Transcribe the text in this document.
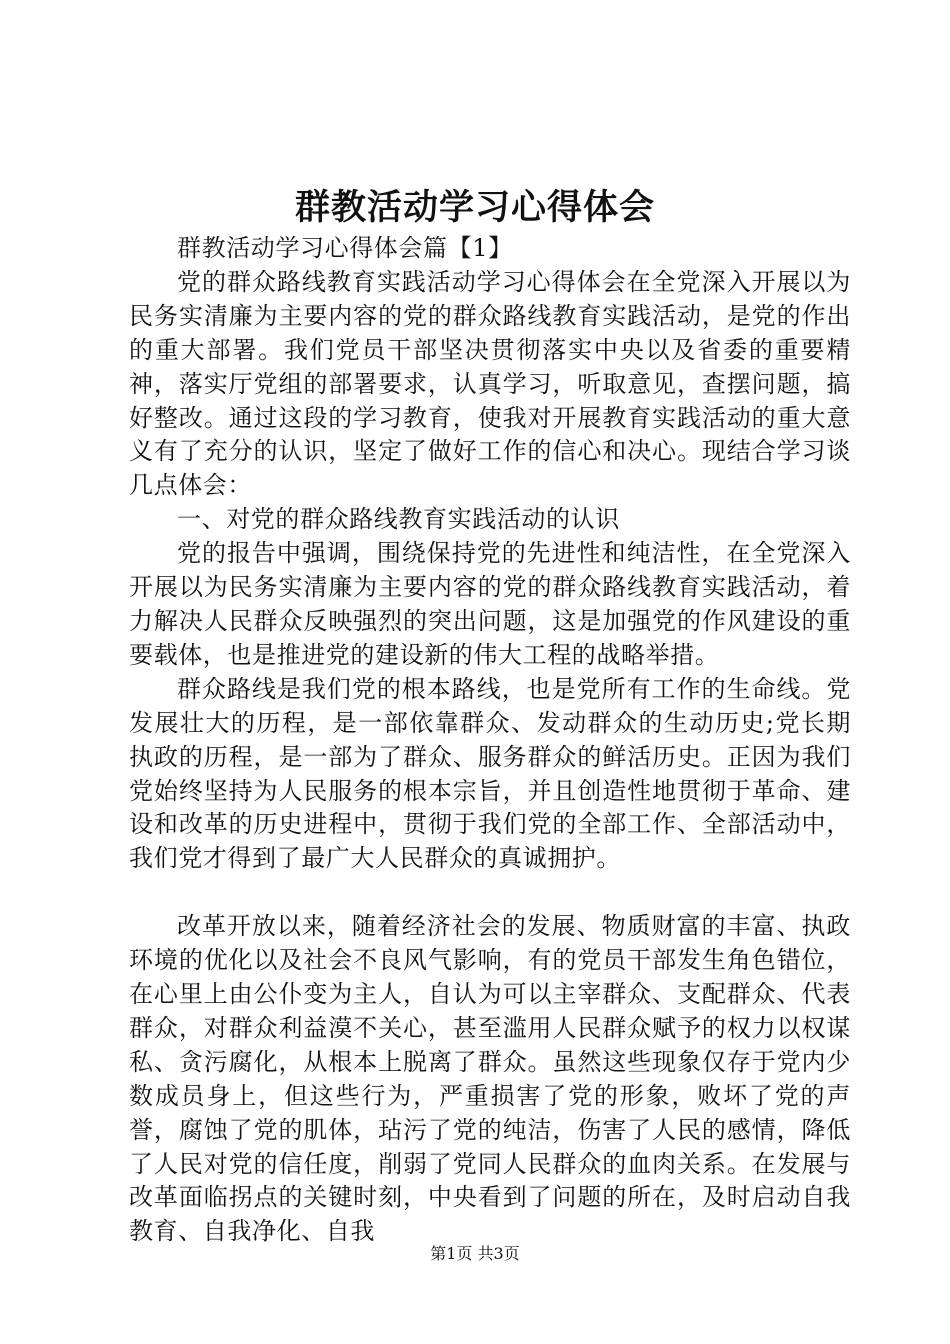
群教活动学习心得体会

群教活动学习心得体会篇【1】

党的群众路线教育实践活动学习心得体会在全党深入开展以为民务实清廉为主要内容的党的群众路线教育实践活动，是党的作出的重大部署。我们党员干部坚决贯彻落实中央以及省委的重要精神，落实厅党组的部署要求，认真学习，听取意见，查摆问题，搞好整改。通过这段的学习教育，使我对开展教育实践活动的重大意义有了充分的认识，坚定了做好工作的信心和决心。现结合学习谈几点体会：

一、对党的群众路线教育实践活动的认识

党的报告中强调，围绕保持党的先进性和纯洁性，在全党深入开展以为民务实清廉为主要内容的党的群众路线教育实践活动，着力解决人民群众反映强烈的突出问题，这是加强党的作风建设的重要载体，也是推进党的建设新的伟大工程的战略举措。

群众路线是我们党的根本路线，也是党所有工作的生命线。党发展壮大的历程，是一部依靠群众、发动群众的生动历史;党长期执政的历程，是一部为了群众、服务群众的鲜活历史。正因为我们党始终坚持为人民服务的根本宗旨，并且创造性地贯彻于革命、建设和改革的历史进程中，贯彻于我们党的全部工作、全部活动中，我们党才得到了最广大人民群众的真诚拥护。

改革开放以来，随着经济社会的发展、物质财富的丰富、执政环境的优化以及社会不良风气影响，有的党员干部发生角色错位，在心里上由公仆变为主人，自认为可以主宰群众、支配群众、代表群众，对群众利益漠不关心，甚至滥用人民群众赋予的权力以权谋私、贪污腐化，从根本上脱离了群众。虽然这些现象仅存于党内少数成员身上，但这些行为，严重损害了党的形象，败坏了党的声誉，腐蚀了党的肌体，玷污了党的纯洁，伤害了人民的感情，降低了人民对党的信任度，削弱了党同人民群众的血肉关系。在发展与改革面临拐点的关键时刻，中央看到了问题的所在，及时启动自我教育、自我净化、自我

第1页 共3页
